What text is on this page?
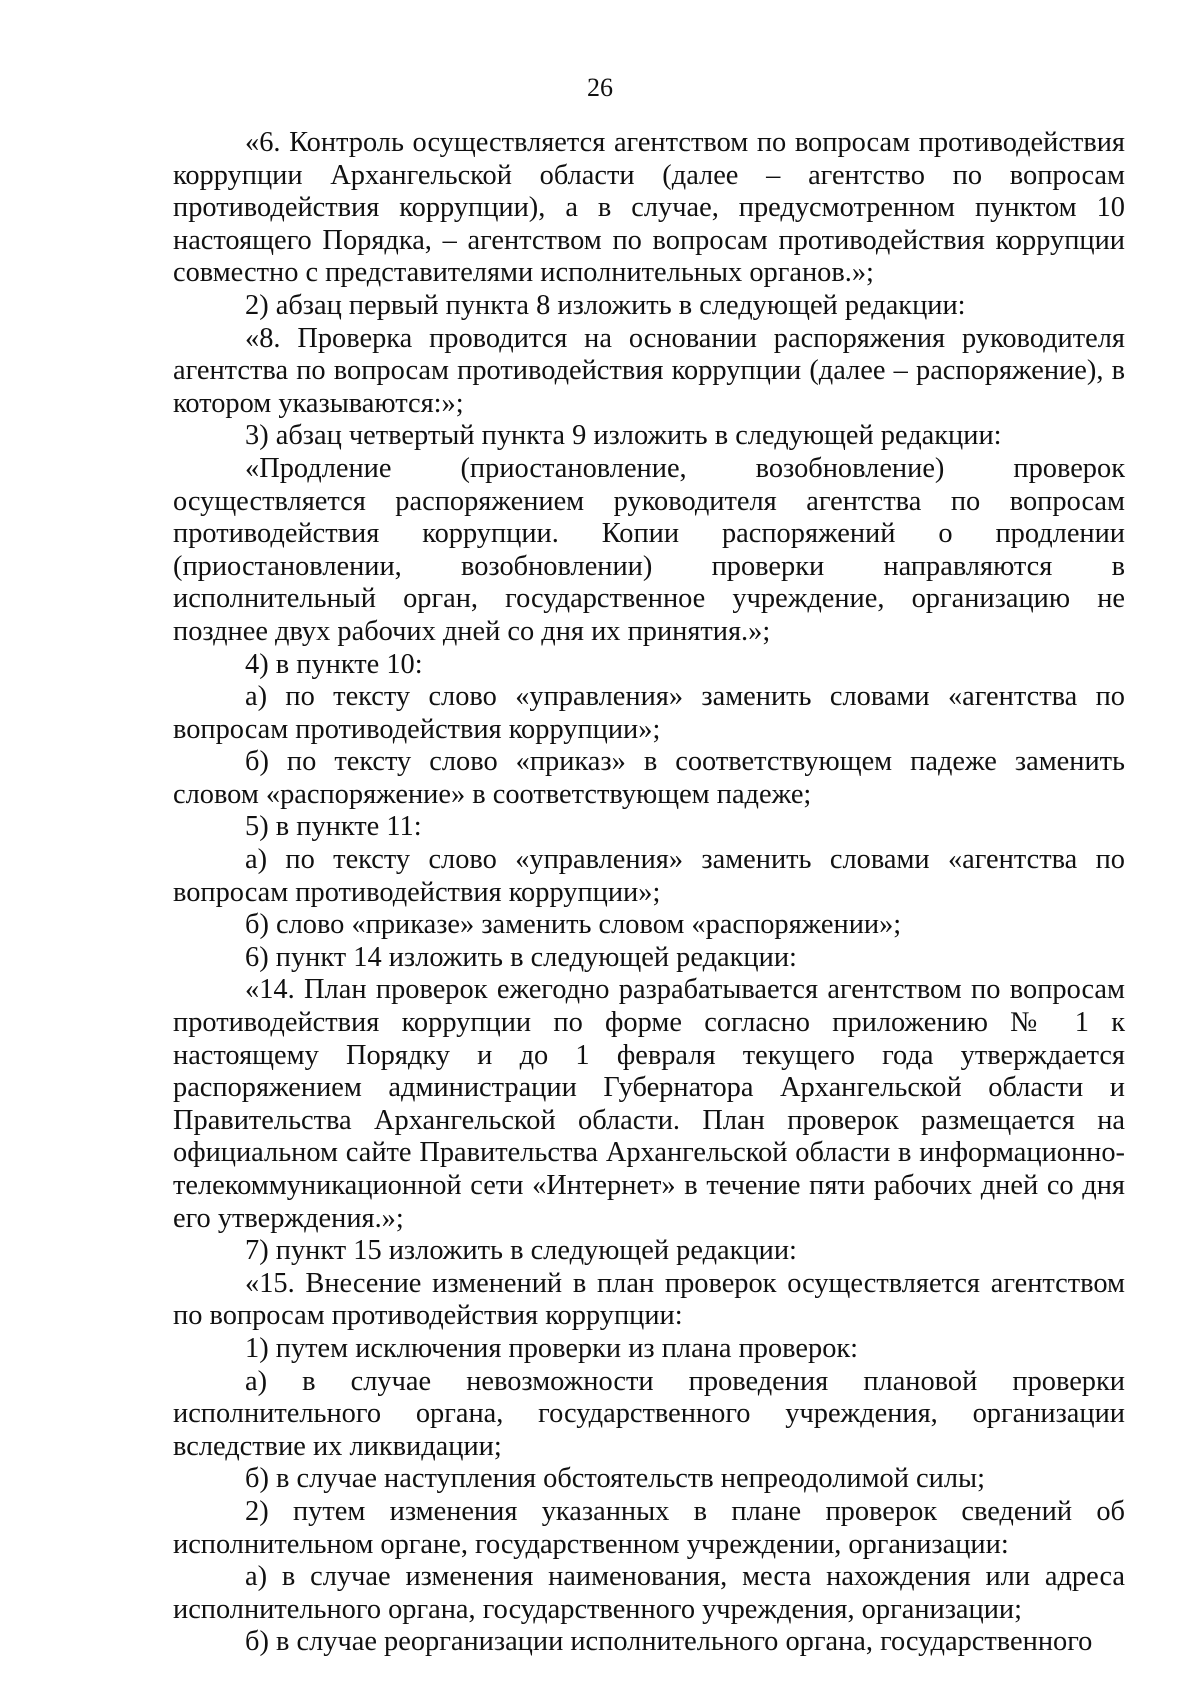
26

«6. Контроль осуществляется агентством по вопросам противодействия коррупции Архангельской области (далее – агентство по вопросам противодействия коррупции), а в случае, предусмотренном пунктом 10 настоящего Порядка, – агентством по вопросам противодействия коррупции совместно с представителями исполнительных органов.»;

2) абзац первый пункта 8 изложить в следующей редакции:

«8. Проверка проводится на основании распоряжения руководителя агентства по вопросам противодействия коррупции (далее – распоряжение), в котором указываются:»;

3) абзац четвертый пункта 9 изложить в следующей редакции:

«Продление (приостановление, возобновление) проверок осуществляется распоряжением руководителя агентства по вопросам противодействия коррупции. Копии распоряжений о продлении (приостановлении, возобновлении) проверки направляются в исполнительный орган, государственное учреждение, организацию не позднее двух рабочих дней со дня их принятия.»;

4) в пункте 10:

а) по тексту слово «управления» заменить словами «агентства по вопросам противодействия коррупции»;

б) по тексту слово «приказ» в соответствующем падеже заменить словом «распоряжение» в соответствующем падеже;

5) в пункте 11:

а) по тексту слово «управления» заменить словами «агентства по вопросам противодействия коррупции»;

б) слово «приказе» заменить словом «распоряжении»;

6) пункт 14 изложить в следующей редакции:

«14. План проверок ежегодно разрабатывается агентством по вопросам противодействия коррупции по форме согласно приложению № 1 к настоящему Порядку и до 1 февраля текущего года утверждается распоряжением администрации Губернатора Архангельской области и Правительства Архангельской области. План проверок размещается на официальном сайте Правительства Архангельской области в информационно-телекоммуникационной сети «Интернет» в течение пяти рабочих дней со дня его утверждения.»;

7) пункт 15 изложить в следующей редакции:

«15. Внесение изменений в план проверок осуществляется агентством по вопросам противодействия коррупции:

1) путем исключения проверки из плана проверок:

а) в случае невозможности проведения плановой проверки исполнительного органа, государственного учреждения, организации вследствие их ликвидации;

б) в случае наступления обстоятельств непреодолимой силы;

2) путем изменения указанных в плане проверок сведений об исполнительном органе, государственном учреждении, организации:

а) в случае изменения наименования, места нахождения или адреса исполнительного органа, государственного учреждения, организации;

б) в случае реорганизации исполнительного органа, государственного
